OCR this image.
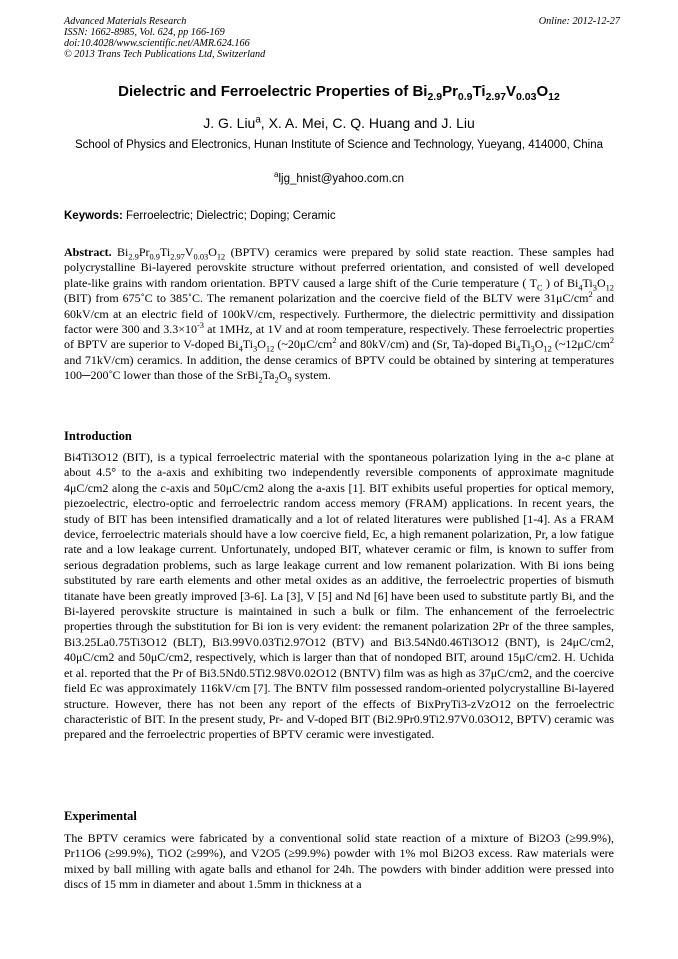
Advanced Materials Research	Online: 2012-12-27
ISSN: 1662-8985, Vol. 624, pp 166-169
doi:10.4028/www.scientific.net/AMR.624.166
© 2013 Trans Tech Publications Ltd, Switzerland
Dielectric and Ferroelectric Properties of $Bi_{2.9}Pr_{0.9}Ti_{2.97}V_{0.03}O_{12}$
J. G. Liu$^a$, X. A. Mei, C. Q. Huang and J. Liu
School of Physics and Electronics, Hunan Institute of Science and Technology, Yueyang, 414000, China
$^a$ljg_hnist@yahoo.com.cn
Keywords: Ferroelectric; Dielectric; Doping; Ceramic
Abstract. $Bi_{2.9}Pr_{0.9}Ti_{2.97}V_{0.03}O_{12}$ (BPTV) ceramics were prepared by solid state reaction. These samples had polycrystalline Bi-layered perovskite structure without preferred orientation, and consisted of well developed plate-like grains with random orientation. BPTV caused a large shift of the Curie temperature ( $T_C$ ) of $Bi_4Ti_3O_{12}$ (BIT) from 675˚C to 385˚C. The remanent polarization and the coercive field of the BLTV were $31\mu C/cm^2$ and 60kV/cm at an electric field of 100kV/cm, respectively. Furthermore, the dielectric permittivity and dissipation factor were 300 and $3.3\times 10^{-3}$ at 1MHz, at 1V and at room temperature, respectively. These ferroelectric properties of BPTV are superior to V-doped $Bi_4Ti_3O_{12}$ ($\sim 20\mu C/cm^2$ and 80kV/cm) and (Sr, Ta)-doped $Bi_4Ti_3O_{12}$ ($\sim 12\mu C/cm^2$ and 71kV/cm) ceramics. In addition, the dense ceramics of BPTV could be obtained by sintering at temperatures 100─200˚C lower than those of the $SrBi_2Ta_2O_9$ system.
Introduction
Bi4Ti3O12 (BIT), is a typical ferroelectric material with the spontaneous polarization lying in the a-c plane at about 4.5° to the a-axis and exhibiting two independently reversible components of approximate magnitude 4μC/cm2 along the c-axis and 50μC/cm2 along the a-axis [1]. BIT exhibits useful properties for optical memory, piezoelectric, electro-optic and ferroelectric random access memory (FRAM) applications. In recent years, the study of BIT has been intensified dramatically and a lot of related literatures were published [1-4]. As a FRAM device, ferroelectric materials should have a low coercive field, Ec, a high remanent polarization, Pr, a low fatigue rate and a low leakage current. Unfortunately, undoped BIT, whatever ceramic or film, is known to suffer from serious degradation problems, such as large leakage current and low remanent polarization. With Bi ions being substituted by rare earth elements and other metal oxides as an additive, the ferroelectric properties of bismuth titanate have been greatly improved [3-6]. La [3], V [5] and Nd [6] have been used to substitute partly Bi, and the Bi-layered perovskite structure is maintained in such a bulk or film. The enhancement of the ferroelectric properties through the substitution for Bi ion is very evident: the remanent polarization 2Pr of the three samples, Bi3.25La0.75Ti3O12 (BLT), Bi3.99V0.03Ti2.97O12 (BTV) and Bi3.54Nd0.46Ti3O12 (BNT), is 24μC/cm2, 40μC/cm2 and 50μC/cm2, respectively, which is larger than that of nondoped BIT, around 15μC/cm2. H. Uchida et al. reported that the Pr of Bi3.5Nd0.5Ti2.98V0.02O12 (BNTV) film was as high as 37μC/cm2, and the coercive field Ec was approximately 116kV/cm [7]. The BNTV film possessed random-oriented polycrystalline Bi-layered structure. However, there has not been any report of the effects of BixPryTi3-zVzO12 on the ferroelectric characteristic of BIT. In the present study, Pr- and V-doped BIT (Bi2.9Pr0.9Ti2.97V0.03O12, BPTV) ceramic was prepared and the ferroelectric properties of BPTV ceramic were investigated.
Experimental
The BPTV ceramics were fabricated by a conventional solid state reaction of a mixture of Bi2O3 (≥99.9%), Pr11O6 (≥99.9%), TiO2 (≥99%), and V2O5 (≥99.9%) powder with 1% mol Bi2O3 excess. Raw materials were mixed by ball milling with agate balls and ethanol for 24h. The powders with binder addition were pressed into discs of 15 mm in diameter and about 1.5mm in thickness at a
